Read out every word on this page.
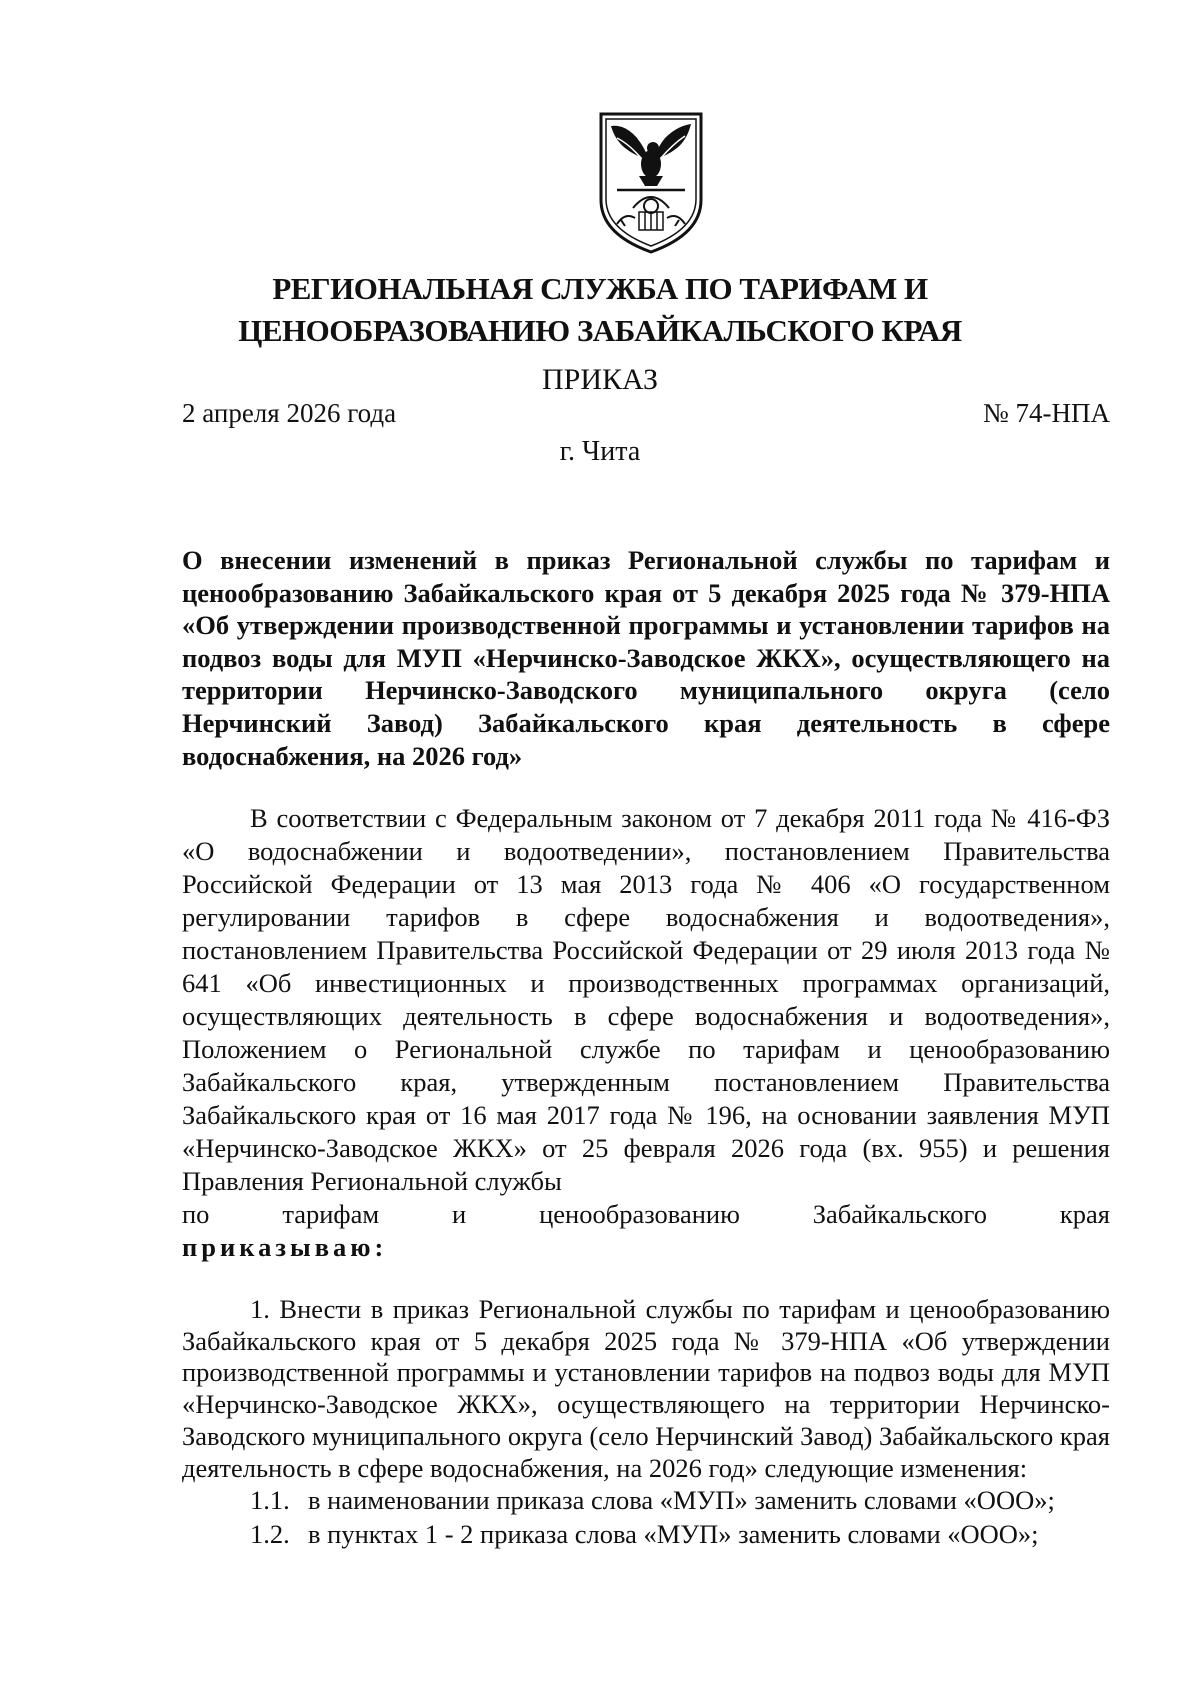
РЕГИОНАЛЬНАЯ СЛУЖБА ПО ТАРИФАМ И
ЦЕНООБРАЗОВАНИЮ ЗАБАЙКАЛЬСКОГО КРАЯ
ПРИКАЗ
2 апреля 2026 года	№ 74-НПА
г. Чита
О внесении изменений в приказ Региональной службы по тарифам и ценообразованию Забайкальского края от 5 декабря 2025 года № 379-НПА «Об утверждении производственной программы и установлении тарифов на подвоз воды для МУП «Нерчинско-Заводское ЖКХ», осуществляющего на территории Нерчинско-Заводского муниципального округа (село Нерчинский Завод) Забайкальского края деятельность в сфере водоснабжения, на 2026 год»

В соответствии с Федеральным законом от 7 декабря 2011 года № 416-ФЗ «О водоснабжении и водоотведении», постановлением Правительства Российской Федерации от 13 мая 2013 года № 406 «О государственном регулировании тарифов в сфере водоснабжения и водоотведения», постановлением Правительства Российской Федерации от 29 июля 2013 года № 641 «Об инвестиционных и производственных программах организаций, осуществляющих деятельность в сфере водоснабжения и водоотведения», Положением о Региональной службе по тарифам и ценообразованию Забайкальского края, утвержденным постановлением Правительства Забайкальского края от 16 мая 2017 года № 196, на основании заявления МУП «Нерчинско-Заводское ЖКХ» от 25 февраля 2026 года (вх. 955) и решения Правления Региональной службы
по тарифам и ценообразованию Забайкальского края
приказываю:

1. Внести в приказ Региональной службы по тарифам и ценообразованию Забайкальского края от 5 декабря 2025 года № 379-НПА «Об утверждении производственной программы и установлении тарифов на подвоз воды для МУП «Нерчинско-Заводское ЖКХ», осуществляющего на территории Нерчинско-Заводского муниципального округа (село Нерчинский Завод) Забайкальского края деятельность в сфере водоснабжения, на 2026 год» следующие изменения:

1.1. в наименовании приказа слова «МУП» заменить словами «ООО»;
1.2. в пунктах 1 - 2 приказа слова «МУП» заменить словами «ООО»;
